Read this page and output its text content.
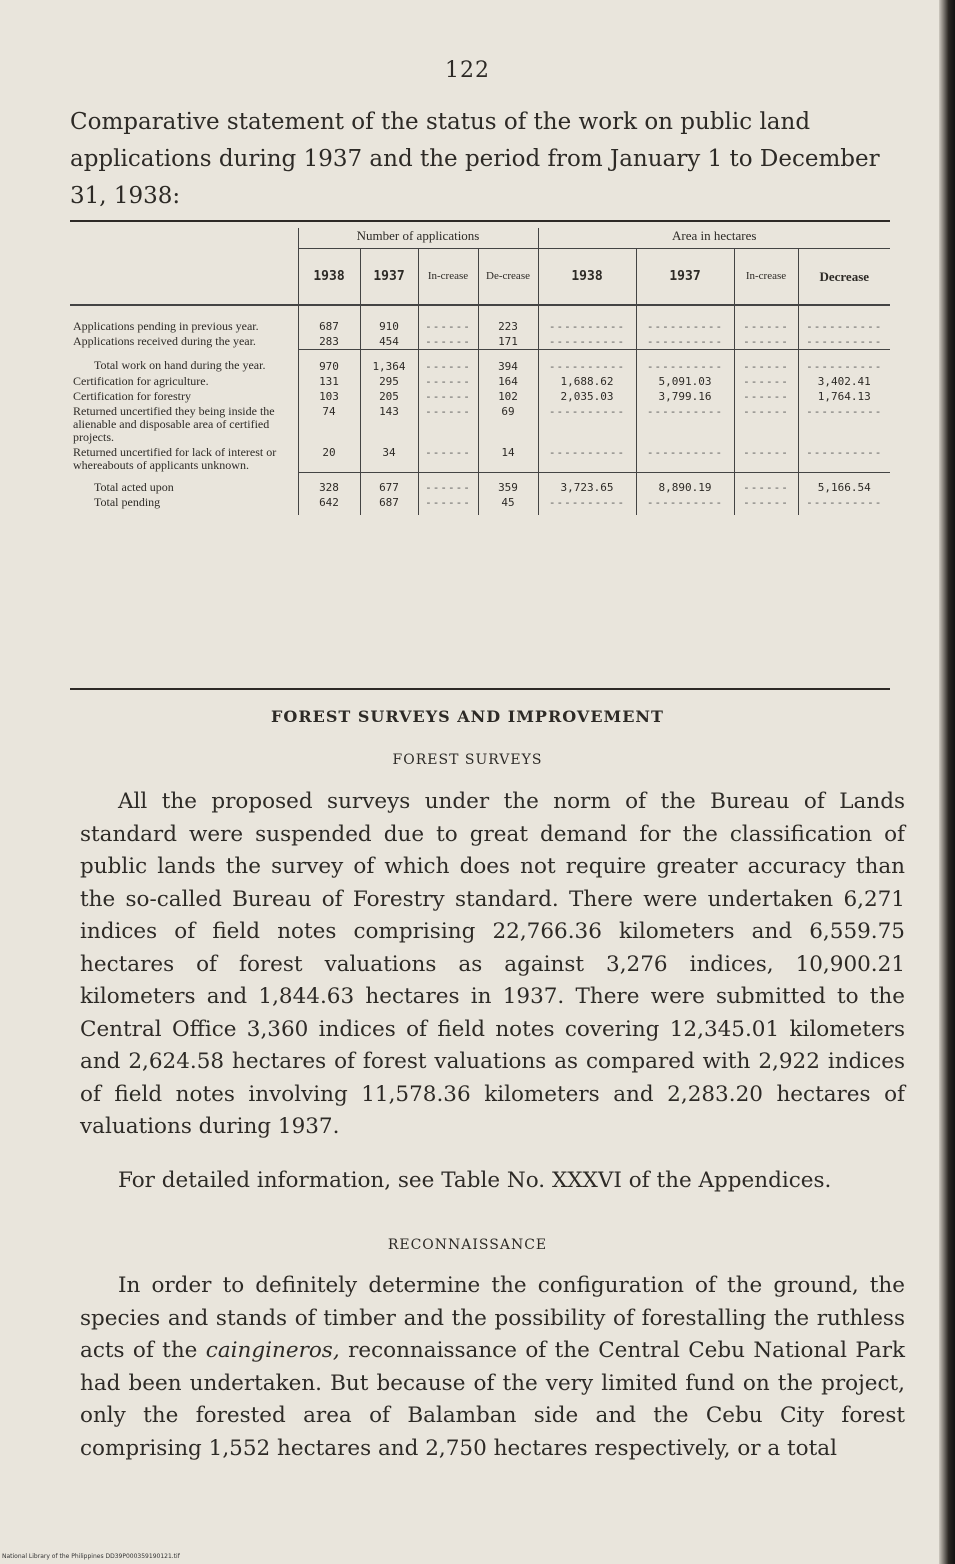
122

Comparative statement of the status of the work on public land applications during 1937 and the period from January 1 to December 31, 1938:

	Number of applications				Area in hectares			
	1938	1937	In-crease	De-crease	1938	1937	In-crease	Decrease
Applications pending in previous year.	687	910	------	223	----------	----------	------	----------
Applications received during the year.	283	454	------	171	----------	----------	------	----------
Total work on hand during the year.	970	1,364	------	394	----------	----------	------	----------
Certification for agriculture.	131	295	------	164	1,688.62	5,091.03	------	3,402.41
Certification for forestry	103	205	------	102	2,035.03	3,799.16	------	1,764.13
Returned uncertified they being inside the alienable and disposable area of certified projects.	74	143	------	69	----------	----------	------	----------
Returned uncertified for lack of interest or whereabouts of applicants unknown.	20	34	------	14	----------	----------	------	----------
Total acted upon	328	677	------	359	3,723.65	8,890.19	------	5,166.54
Total pending	642	687	------	45	----------	----------	------	----------
FOREST SURVEYS AND IMPROVEMENT
FOREST SURVEYS

All the proposed surveys under the norm of the Bureau of Lands standard were suspended due to great demand for the classification of public lands the survey of which does not require greater accuracy than the so-called Bureau of Forestry standard. There were undertaken 6,271 indices of field notes comprising 22,766.36 kilometers and 6,559.75 hectares of forest valuations as against 3,276 indices, 10,900.21 kilometers and 1,844.63 hectares in 1937. There were submitted to the Central Office 3,360 indices of field notes covering 12,345.01 kilometers and 2,624.58 hectares of forest valuations as compared with 2,922 indices of field notes involving 11,578.36 kilometers and 2,283.20 hectares of valuations during 1937.

For detailed information, see Table No. XXXVI of the Appendices.

RECONNAISSANCE

In order to definitely determine the configuration of the ground, the species and stands of timber and the possibility of forestalling the ruthless acts of the caingineros, reconnaissance of the Central Cebu National Park had been undertaken. But because of the very limited fund on the project, only the forested area of Balamban side and the Cebu City forest comprising 1,552 hectares and 2,750 hectares respectively, or a total

National Library of the Philippines DD39P000359190121.tif
